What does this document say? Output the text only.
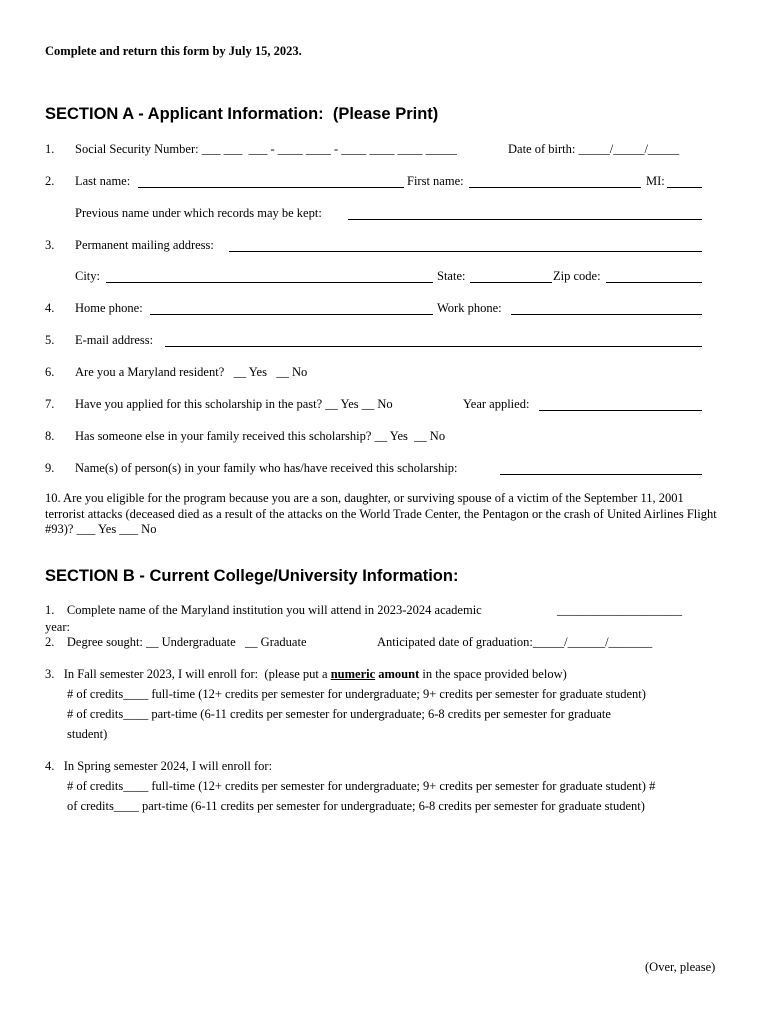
Complete and return this form by July 15, 2023.
SECTION A - Applicant Information:  (Please Print)
1. Social Security Number: ___ ___  ___ - ____ ____ - ____ ____ ____ _____	Date of birth: _____/_____/_____
2. Last name:	First name:	MI:
Previous name under which records may be kept:
3. Permanent mailing address:
City:	State:	Zip code:
4. Home phone:	Work phone:
5. E-mail address:
6. Are you a Maryland resident?   __ Yes   __ No
7. Have you applied for this scholarship in the past? __ Yes __ No	Year applied:
8. Has someone else in your family received this scholarship? __ Yes  __ No
9. Name(s) of person(s) in your family who has/have received this scholarship:
10. Are you eligible for the program because you are a son, daughter, or surviving spouse of a victim of the September 11, 2001 terrorist attacks (deceased died as a result of the attacks on the World Trade Center, the Pentagon or the crash of United Airlines Flight #93)? ___ Yes ___ No
SECTION B - Current College/University Information:
1.    Complete name of the Maryland institution you will attend in 2023-2024 academic	____________________
year:
2.    Degree sought: __ Undergraduate   __ Graduate	Anticipated date of graduation:_____/______/_______
3.   In Fall semester 2023, I will enroll for:  (please put a numeric amount in the space provided below)
# of credits____ full-time (12+ credits per semester for undergraduate; 9+ credits per semester for graduate student)
# of credits____ part-time (6-11 credits per semester for undergraduate; 6-8 credits per semester for graduate
student)
4.   In Spring semester 2024, I will enroll for:
# of credits____ full-time (12+ credits per semester for undergraduate; 9+ credits per semester for graduate student) #
of credits____ part-time (6-11 credits per semester for undergraduate; 6-8 credits per semester for graduate student)
(Over, please)
